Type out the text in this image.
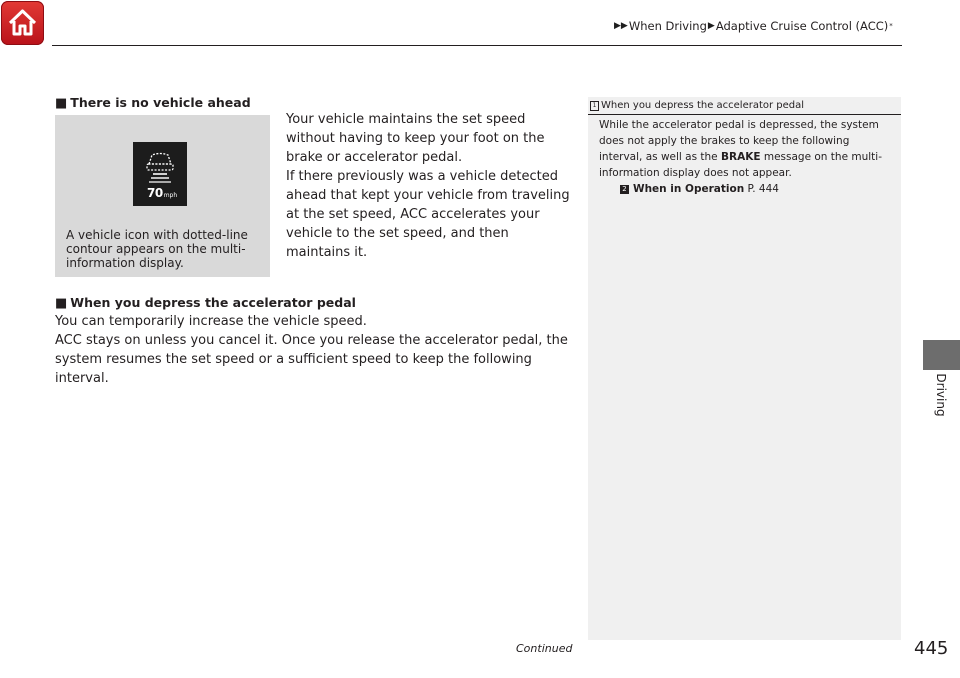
▶▶ When Driving ▶ Adaptive Cruise Control (ACC) *
Driving
■ There is no vehicle ahead
70mph
A vehicle icon with dotted-line contour appears on the multi-information display.

Your vehicle maintains the set speed without having to keep your foot on the brake or accelerator pedal.

If there previously was a vehicle detected ahead that kept your vehicle from traveling at the set speed, ACC accelerates your vehicle to the set speed, and then maintains it.

■ When you depress the accelerator pedal

You can temporarily increase the vehicle speed.

ACC stays on unless you cancel it. Once you release the accelerator pedal, the system resumes the set speed or a sufficient speed to keep the following interval.

1 When you depress the accelerator pedal
While the accelerator pedal is depressed, the system does not apply the brakes to keep the following interval, as well as the BRAKE message on the multi-information display does not appear.
2 When in Operation
P. 444
Continued	445
